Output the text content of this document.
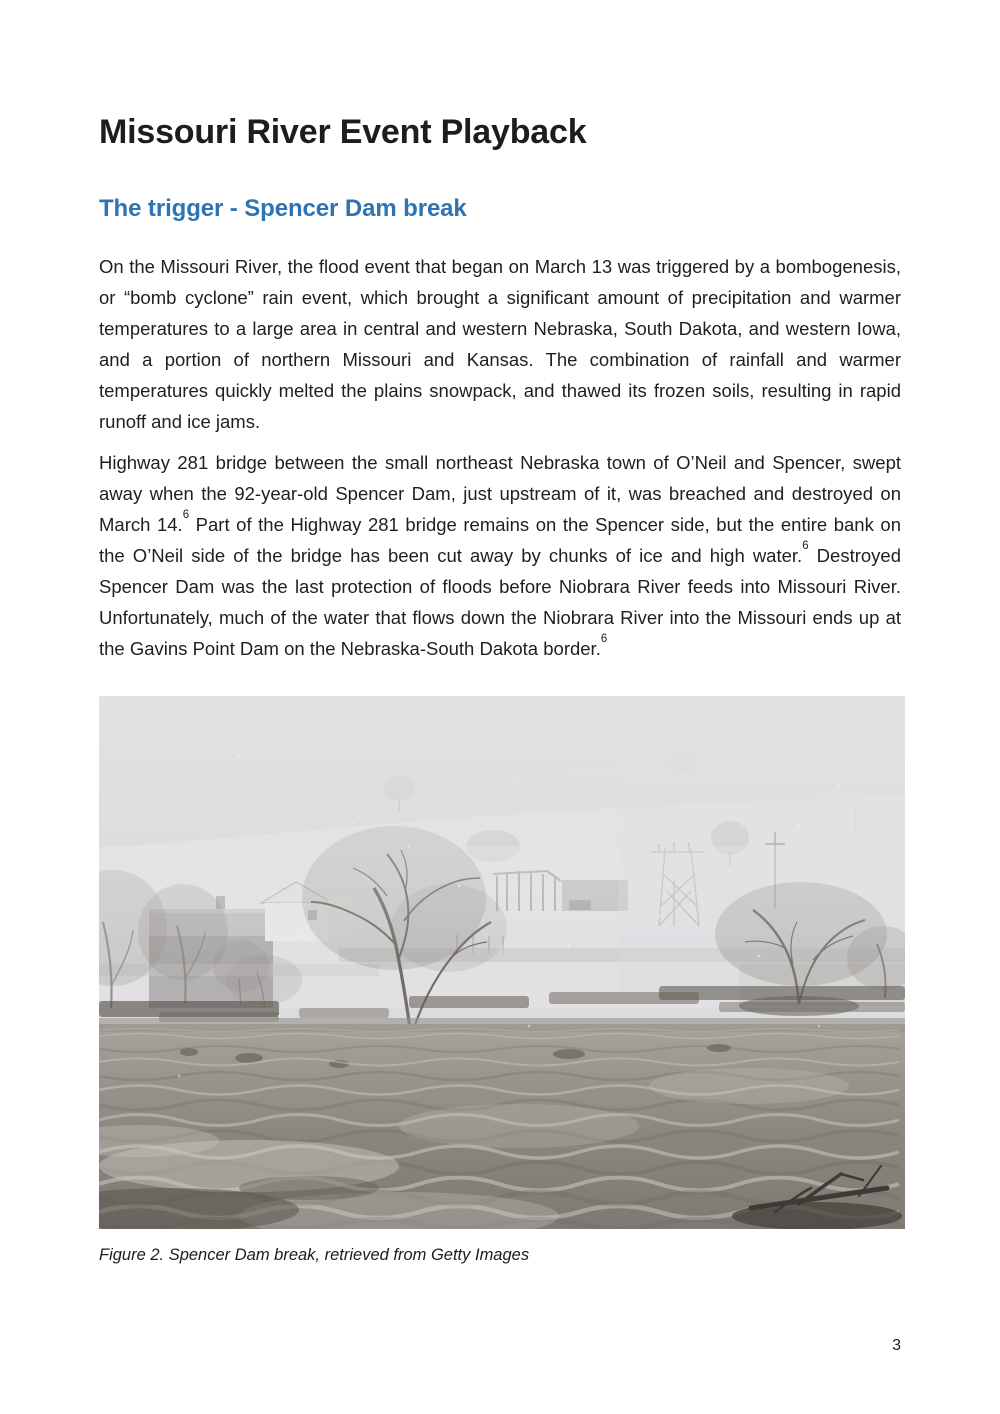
Missouri River Event Playback
The trigger - Spencer Dam break

On the Missouri River, the flood event that began on March 13 was triggered by a bombogenesis, or “bomb cyclone” rain event, which brought a significant amount of precipitation and warmer temperatures to a large area in central and western Nebraska, South Dakota, and western Iowa, and a portion of northern Missouri and Kansas. The combination of rainfall and warmer temperatures quickly melted the plains snowpack, and thawed its frozen soils, resulting in rapid runoff and ice jams.

Highway 281 bridge between the small northeast Nebraska town of O’Neil and Spencer, swept away when the 92-year-old Spencer Dam, just upstream of it, was breached and destroyed on March 14.$^6$ Part of the Highway 281 bridge remains on the Spencer side, but the entire bank on the O’Neil side of the bridge has been cut away by chunks of ice and high water.$^6$ Destroyed Spencer Dam was the last protection of floods before Niobrara River feeds into Missouri River. Unfortunately, much of the water that flows down the Niobrara River into the Missouri ends up at the Gavins Point Dam on the Nebraska-South Dakota border.$^6$

Figure 2. Spencer Dam break, retrieved from Getty Images
3
